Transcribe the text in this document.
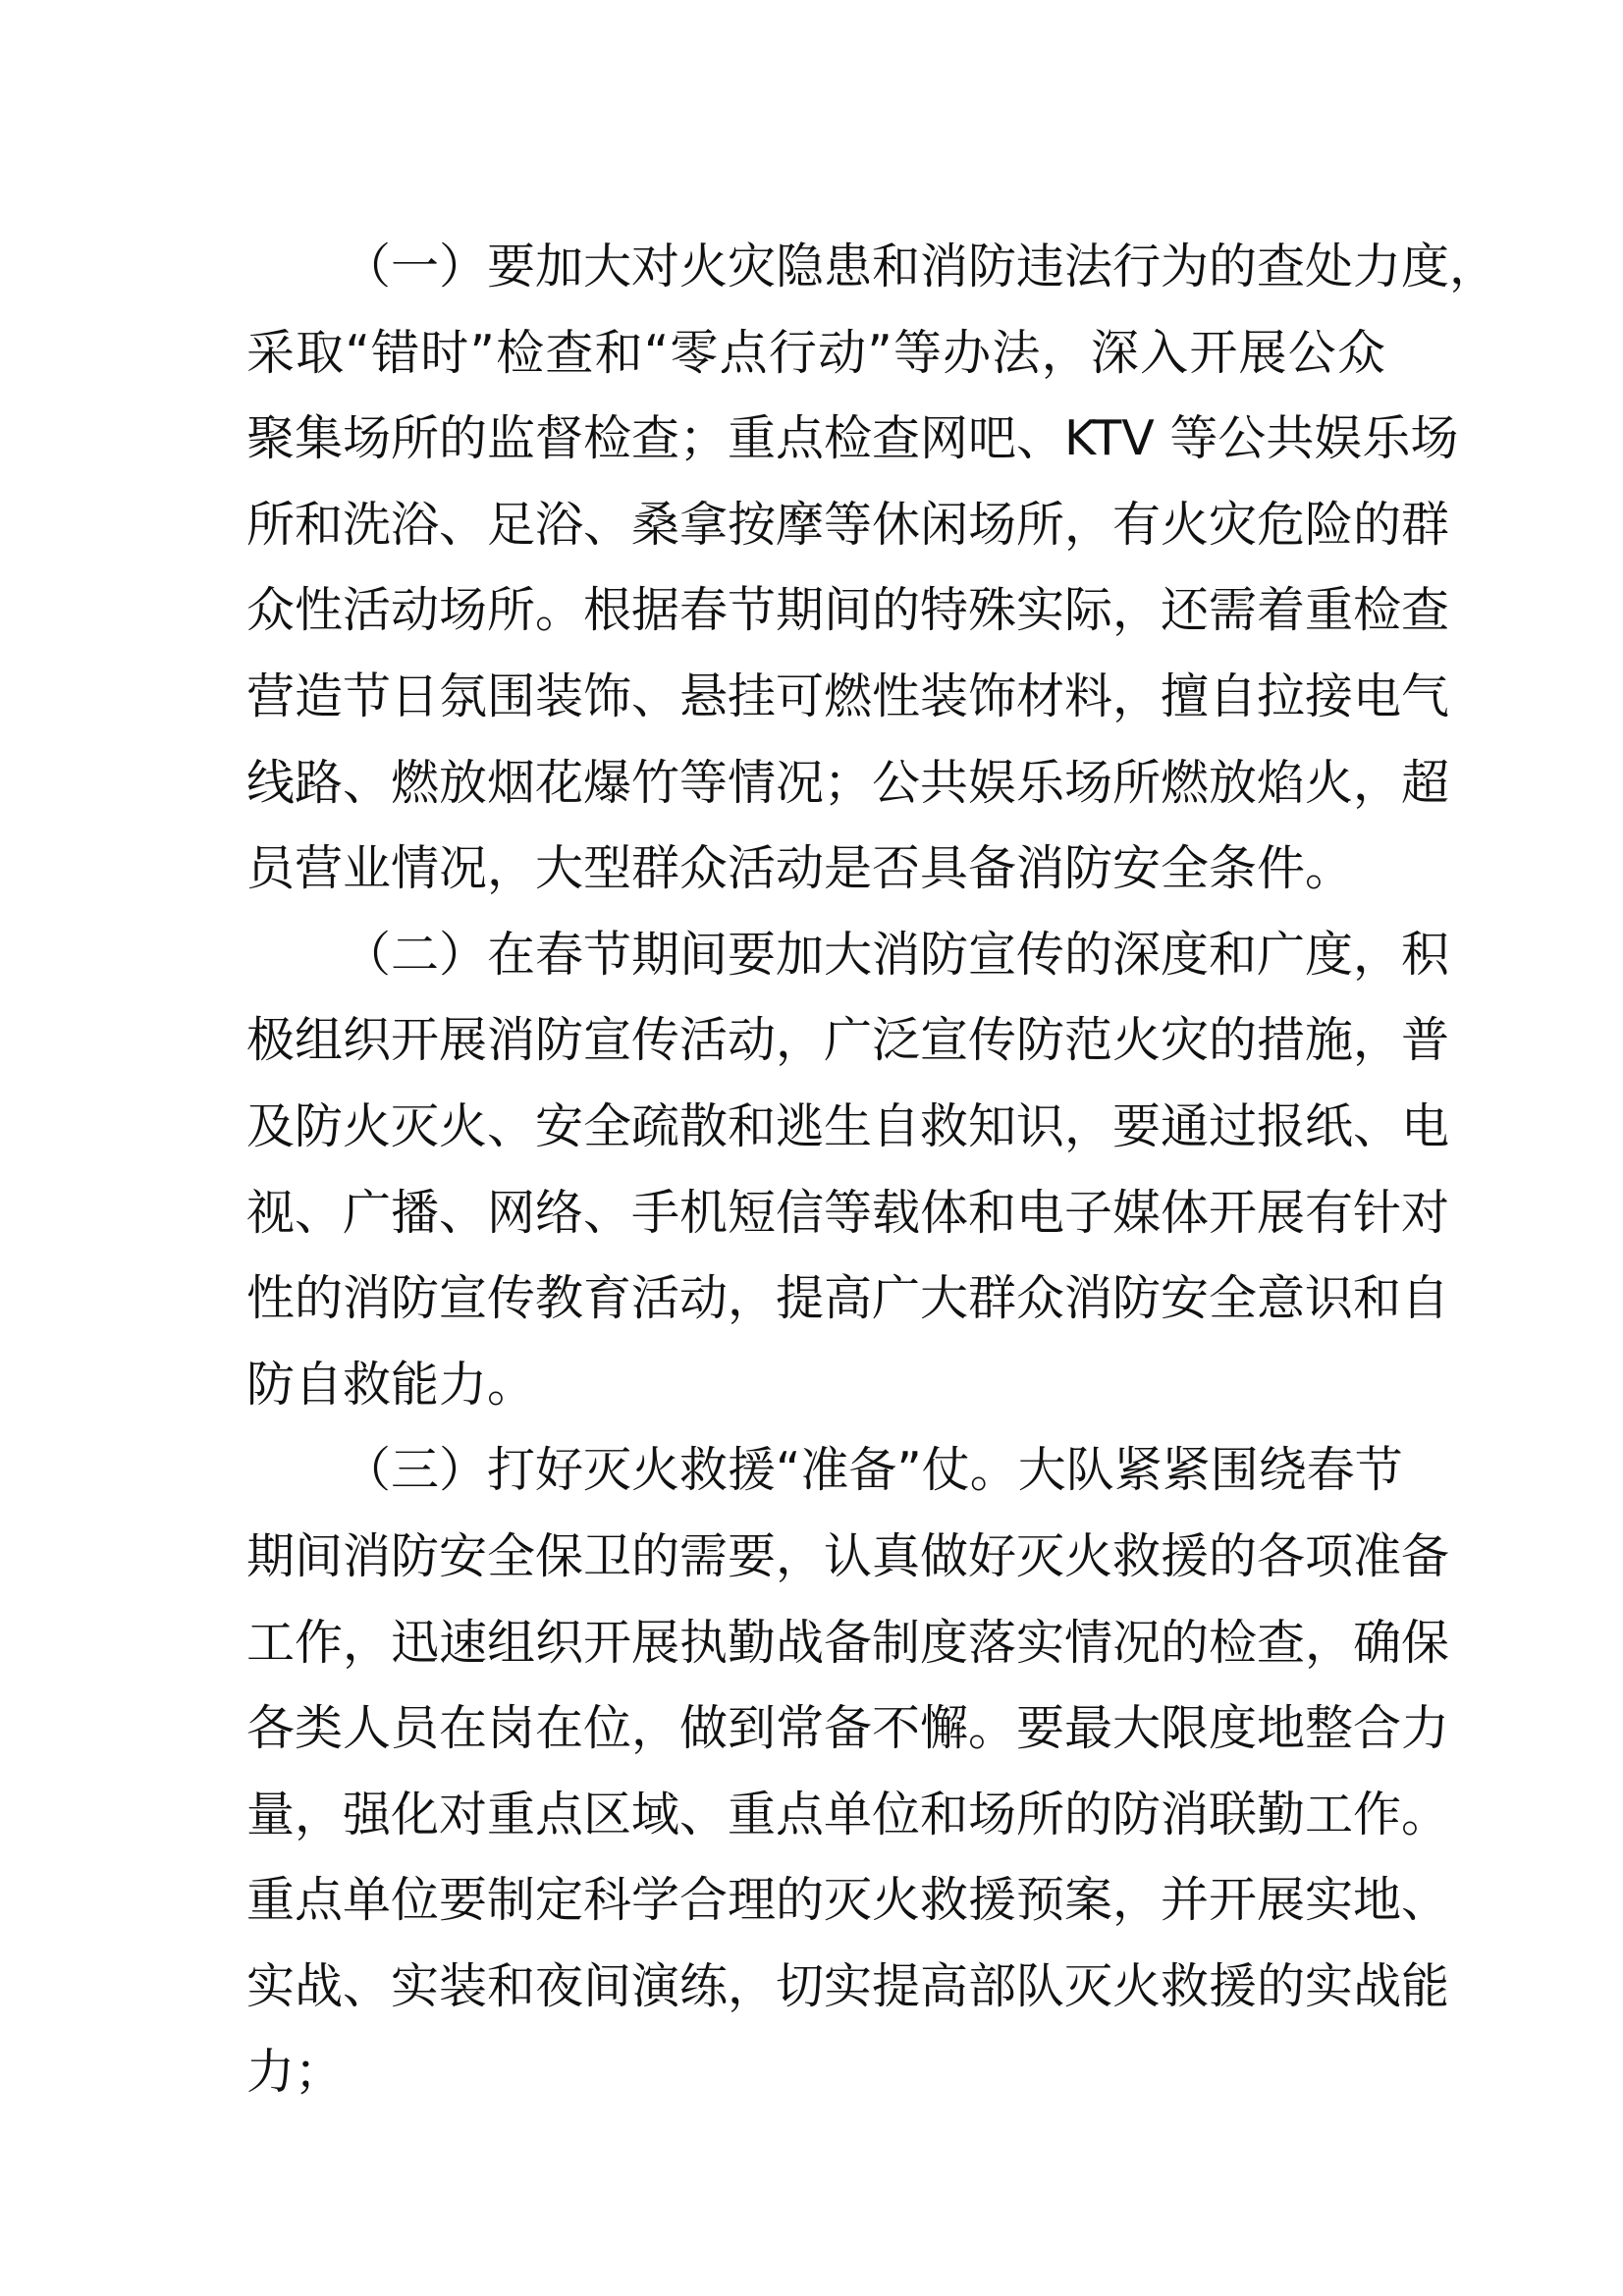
（一）要加大对火灾隐患和消防违法行为的查处力度，
采取“错时”检查和“零点行动”等办法，深入开展公众
聚集场所的监督检查；重点检查网吧、KTV 等公共娱乐场
所和洗浴、足浴、桑拿按摩等休闲场所，有火灾危险的群
众性活动场所。根据春节期间的特殊实际，还需着重检查
营造节日氛围装饰、悬挂可燃性装饰材料，擅自拉接电气
线路、燃放烟花爆竹等情况；公共娱乐场所燃放焰火，超
员营业情况，大型群众活动是否具备消防安全条件。
（二）在春节期间要加大消防宣传的深度和广度，积
极组织开展消防宣传活动，广泛宣传防范火灾的措施，普
及防火灭火、安全疏散和逃生自救知识，要通过报纸、电
视、广播、网络、手机短信等载体和电子媒体开展有针对
性的消防宣传教育活动，提高广大群众消防安全意识和自
防自救能力。
（三）打好灭火救援“准备”仗。大队紧紧围绕春节
期间消防安全保卫的需要，认真做好灭火救援的各项准备
工作，迅速组织开展执勤战备制度落实情况的检查，确保
各类人员在岗在位，做到常备不懈。要最大限度地整合力
量，强化对重点区域、重点单位和场所的防消联勤工作。
重点单位要制定科学合理的灭火救援预案，并开展实地、
实战、实装和夜间演练，切实提高部队灭火救援的实战能
力；
